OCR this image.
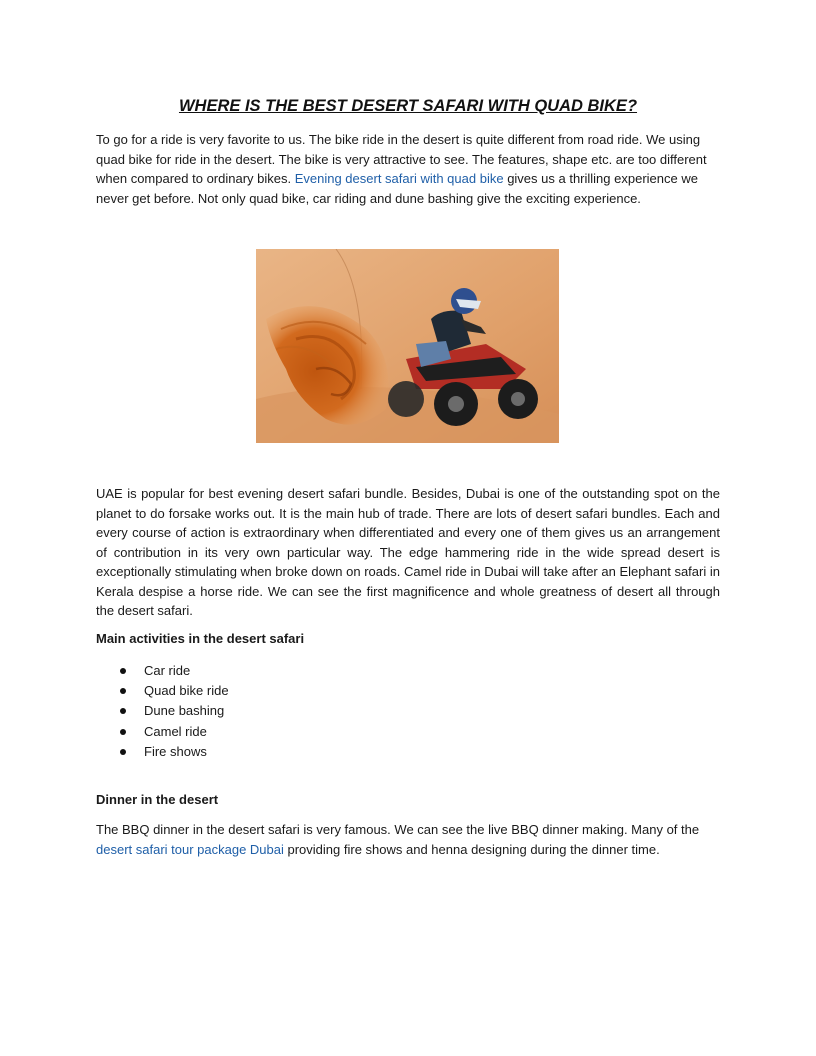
WHERE IS THE BEST DESERT SAFARI WITH QUAD BIKE?

To go for a ride is very favorite to us. The bike ride in the desert is quite different from road ride. We using quad bike for ride in the desert. The bike is very attractive to see. The features, shape etc. are too different when compared to ordinary bikes. Evening desert safari with quad bike gives us a thrilling experience we never get before. Not only quad bike, car riding and dune bashing give the exciting experience.

UAE is popular for best evening desert safari bundle. Besides, Dubai is one of the outstanding spot on the planet to do forsake works out. It is the main hub of trade. There are lots of desert safari bundles. Each and every course of action is extraordinary when differentiated and every one of them gives us an arrangement of contribution in its very own particular way. The edge hammering ride in the wide spread desert is exceptionally stimulating when broke down on roads. Camel ride in Dubai will take after an Elephant safari in Kerala despise a horse ride. We can see the first magnificence and whole greatness of desert all through the desert safari.

Main activities in the desert safari

Car ride
Quad bike ride
Dune bashing
Camel ride
Fire shows

Dinner in the desert

The BBQ dinner in the desert safari is very famous. We can see the live BBQ dinner making. Many of the desert safari tour package Dubai providing fire shows and henna designing during the dinner time.
